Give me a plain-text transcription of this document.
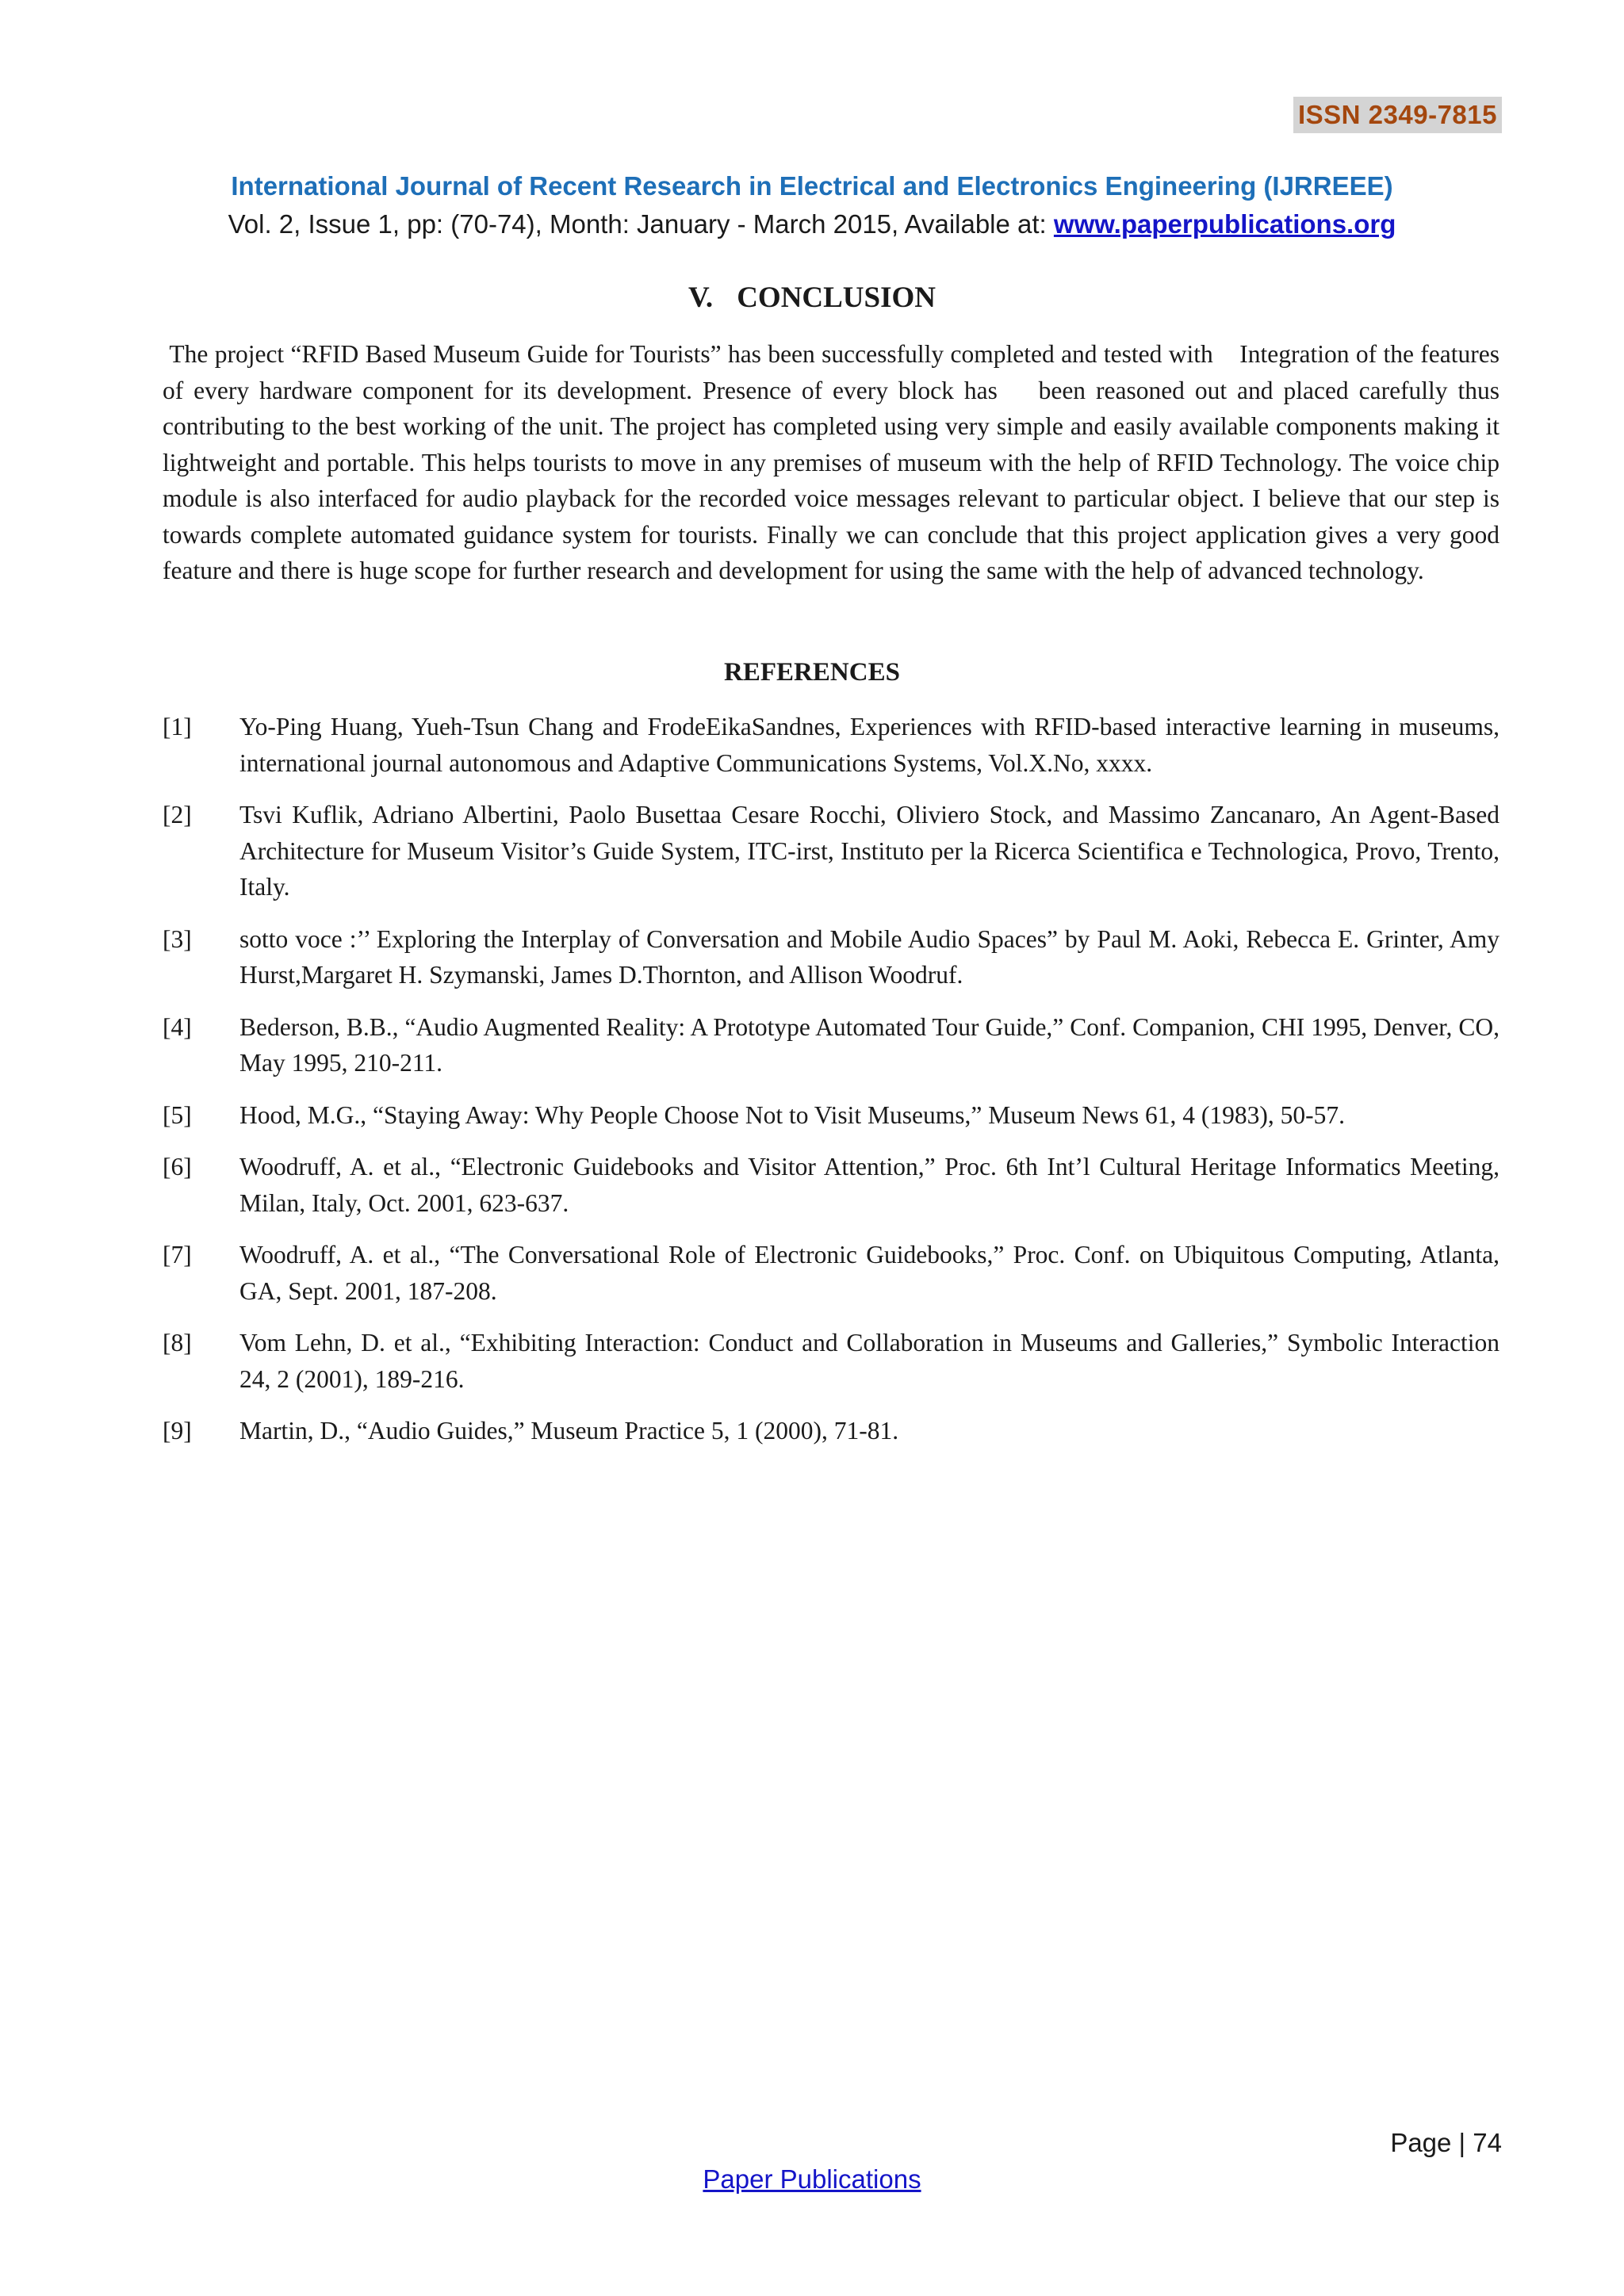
ISSN 2349-7815
International Journal of Recent Research in Electrical and Electronics Engineering (IJRREEE)
Vol. 2, Issue 1, pp: (70-74), Month: January - March 2015, Available at: www.paperpublications.org
V. CONCLUSION

The project “RFID Based Museum Guide for Tourists” has been successfully completed and tested with    Integration of the features of every hardware component for its development. Presence of every block has    been reasoned out and placed carefully thus contributing to the best working of the unit. The project has completed using very simple and easily available components making it lightweight and portable. This helps tourists to move in any premises of museum with the help of RFID Technology. The voice chip module is also interfaced for audio playback for the recorded voice messages relevant to particular object. I believe that our step is towards complete automated guidance system for tourists. Finally we can conclude that this project application gives a very good feature and there is huge scope for further research and development for using the same with the help of advanced technology.

REFERENCES
[1]	Yo-Ping Huang, Yueh-Tsun Chang and FrodeEikaSandnes, Experiences with RFID-based interactive learning in museums, international journal autonomous and Adaptive Communications Systems, Vol.X.No, xxxx.
[2]	Tsvi Kuflik, Adriano Albertini, Paolo Busettaa Cesare Rocchi, Oliviero Stock, and Massimo Zancanaro, An Agent-Based Architecture for Museum Visitor’s Guide System, ITC-irst, Instituto per la Ricerca Scientifica e Technologica, Provo, Trento, Italy.
[3]	sotto voce :’’ Exploring the Interplay of Conversation and Mobile Audio Spaces” by Paul M. Aoki, Rebecca E. Grinter, Amy Hurst,Margaret H. Szymanski, James D.Thornton, and Allison Woodruf.
[4]	Bederson, B.B., “Audio Augmented Reality: A Prototype Automated Tour Guide,” Conf. Companion, CHI 1995, Denver, CO, May 1995, 210-211.
[5]	Hood, M.G., “Staying Away: Why People Choose Not to Visit Museums,” Museum News 61, 4 (1983), 50-57.
[6]	Woodruff, A. et al., “Electronic Guidebooks and Visitor Attention,” Proc. 6th Int’l Cultural Heritage Informatics Meeting, Milan, Italy, Oct. 2001, 623-637.
[7]	Woodruff, A. et al., “The Conversational Role of Electronic Guidebooks,” Proc. Conf. on Ubiquitous Computing, Atlanta, GA, Sept. 2001, 187-208.
[8]	Vom Lehn, D. et al., “Exhibiting Interaction: Conduct and Collaboration in Museums and Galleries,” Symbolic Interaction 24, 2 (2001), 189-216.
[9]	Martin, D., “Audio Guides,” Museum Practice 5, 1 (2000), 71-81.
Page | 74
Paper Publications
